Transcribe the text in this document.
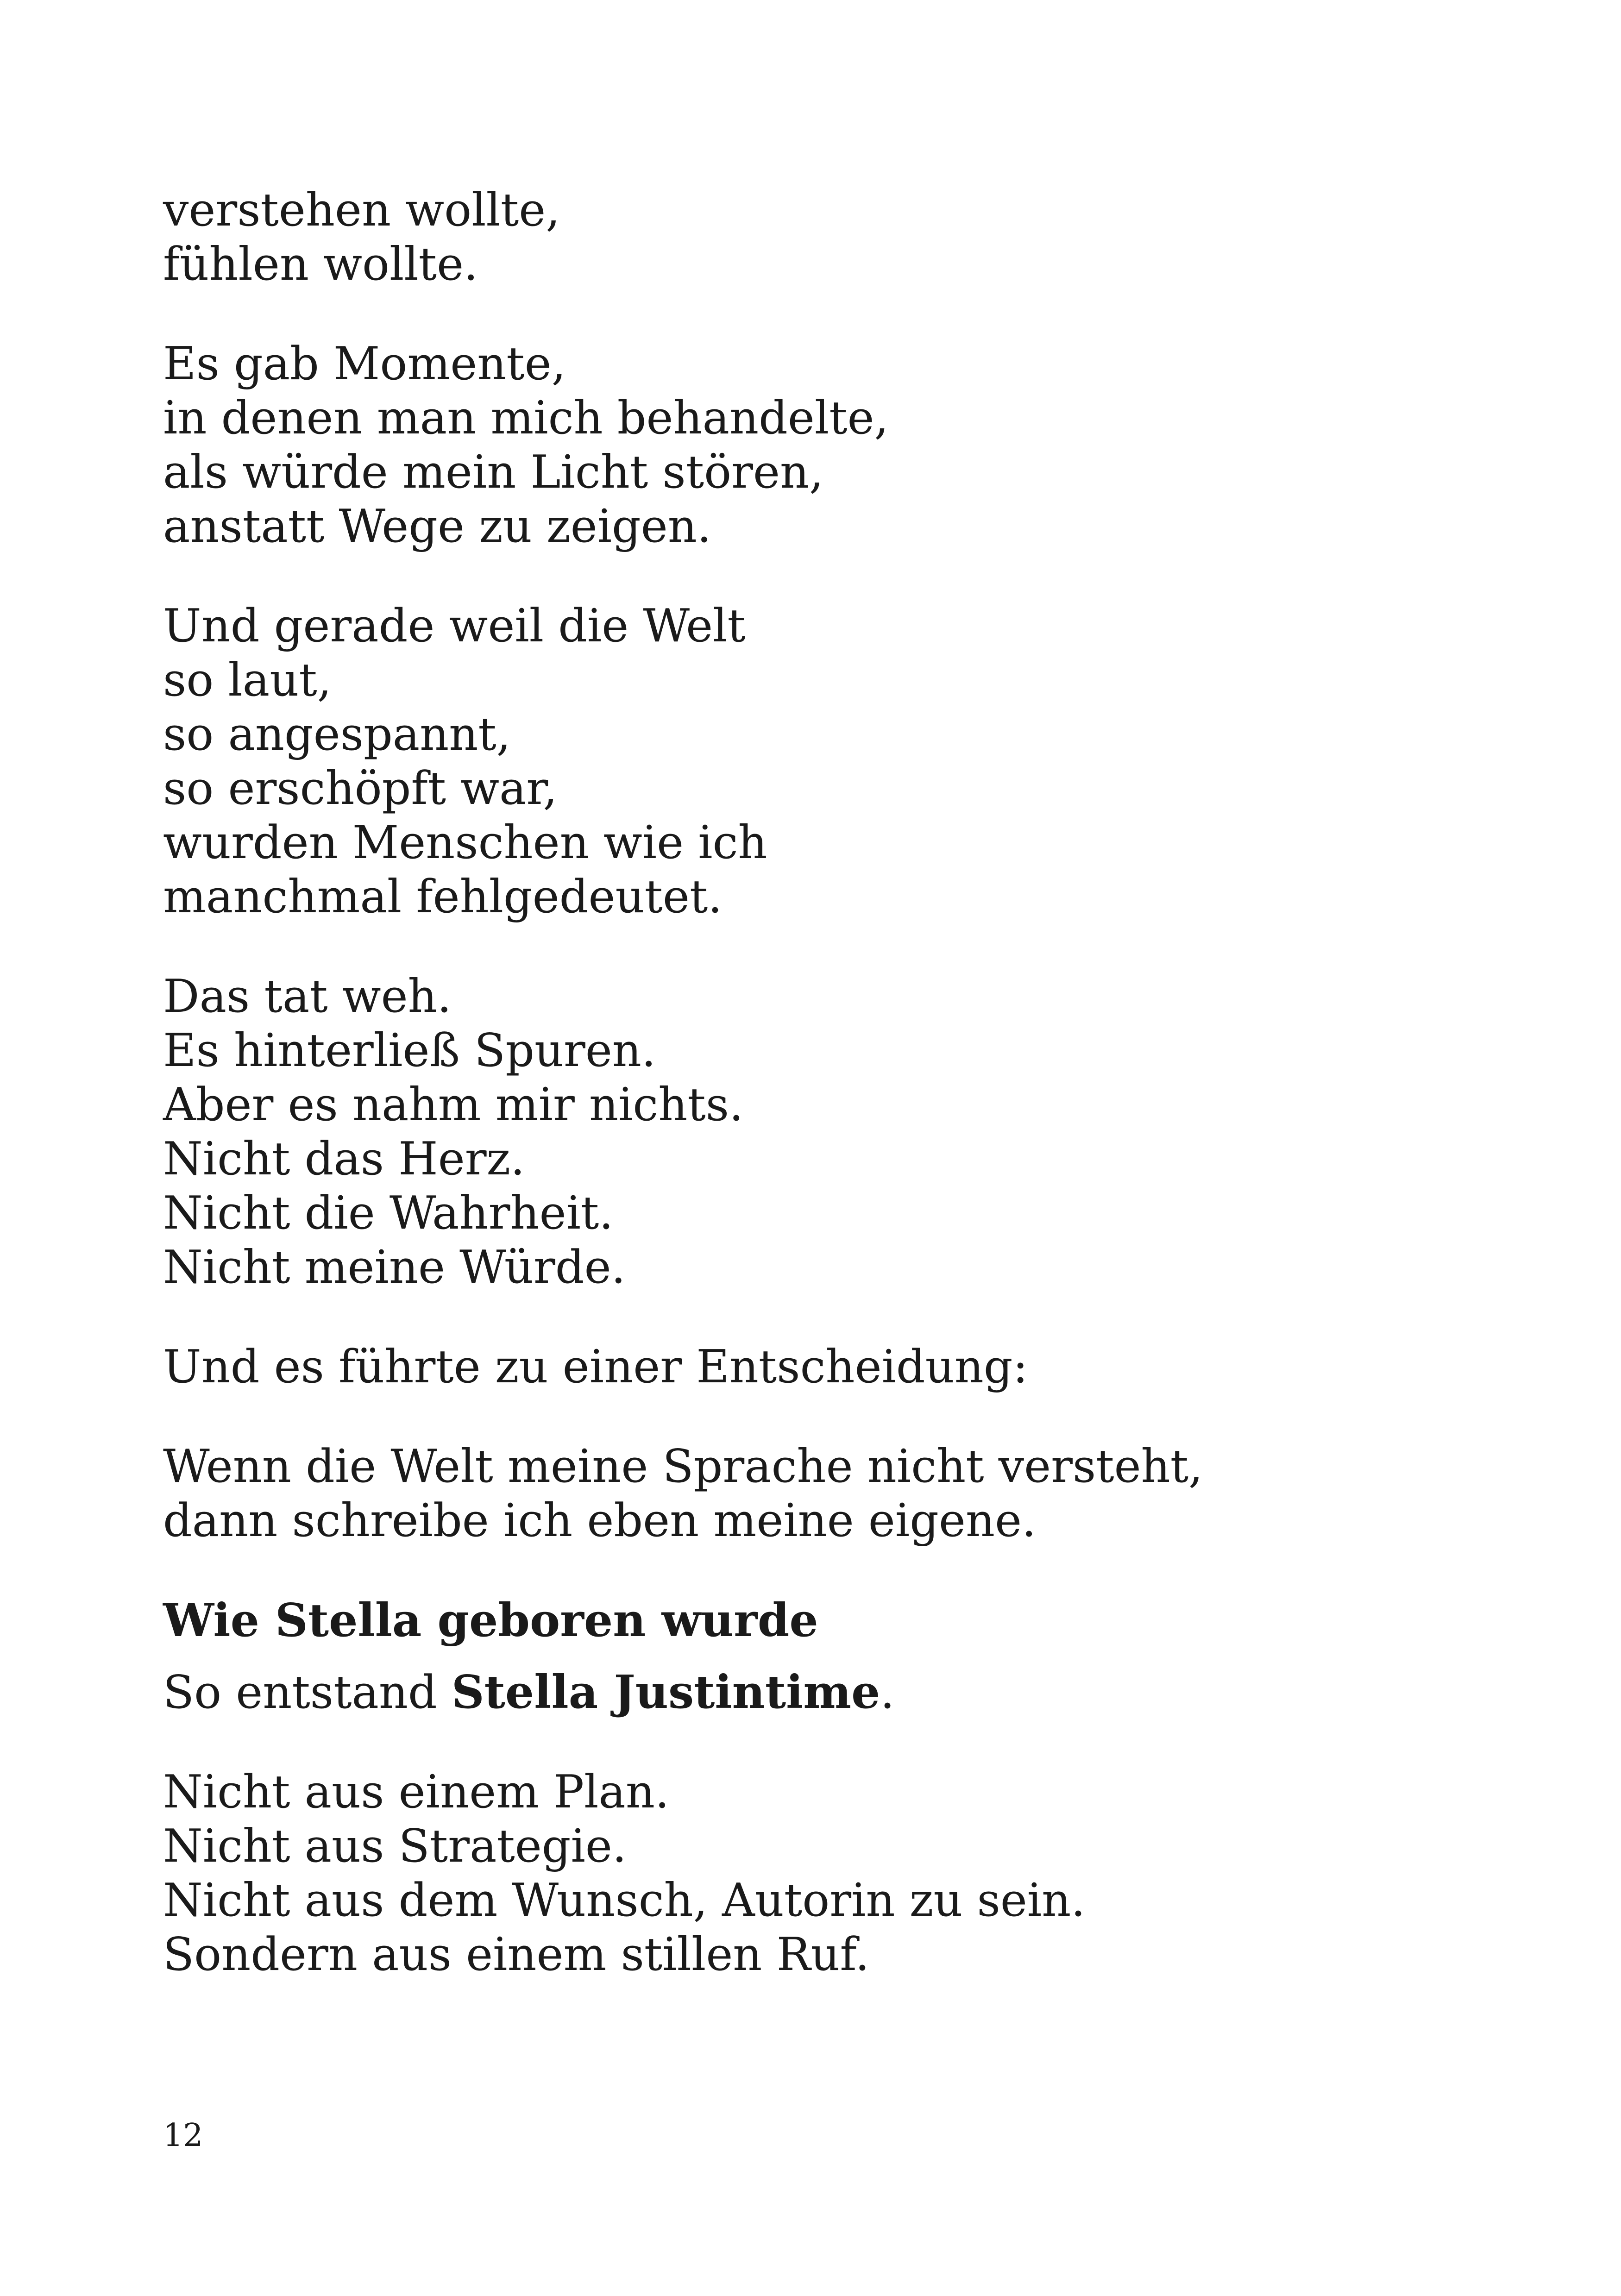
verstehen wollte,
fühlen wollte.
Es gab Momente,
in denen man mich behandelte,
als würde mein Licht stören,
anstatt Wege zu zeigen.
Und gerade weil die Welt
so laut,
so angespannt,
so erschöpft war,
wurden Menschen wie ich
manchmal fehlgedeutet.
Das tat weh.
Es hinterließ Spuren.
Aber es nahm mir nichts.
Nicht das Herz.
Nicht die Wahrheit.
Nicht meine Würde.
Und es führte zu einer Entscheidung:
Wenn die Welt meine Sprache nicht versteht,
dann schreibe ich eben meine eigene.
Wie Stella geboren wurde
So entstand Stella Justintime.
Nicht aus einem Plan.
Nicht aus Strategie.
Nicht aus dem Wunsch, Autorin zu sein.
Sondern aus einem stillen Ruf.
12
